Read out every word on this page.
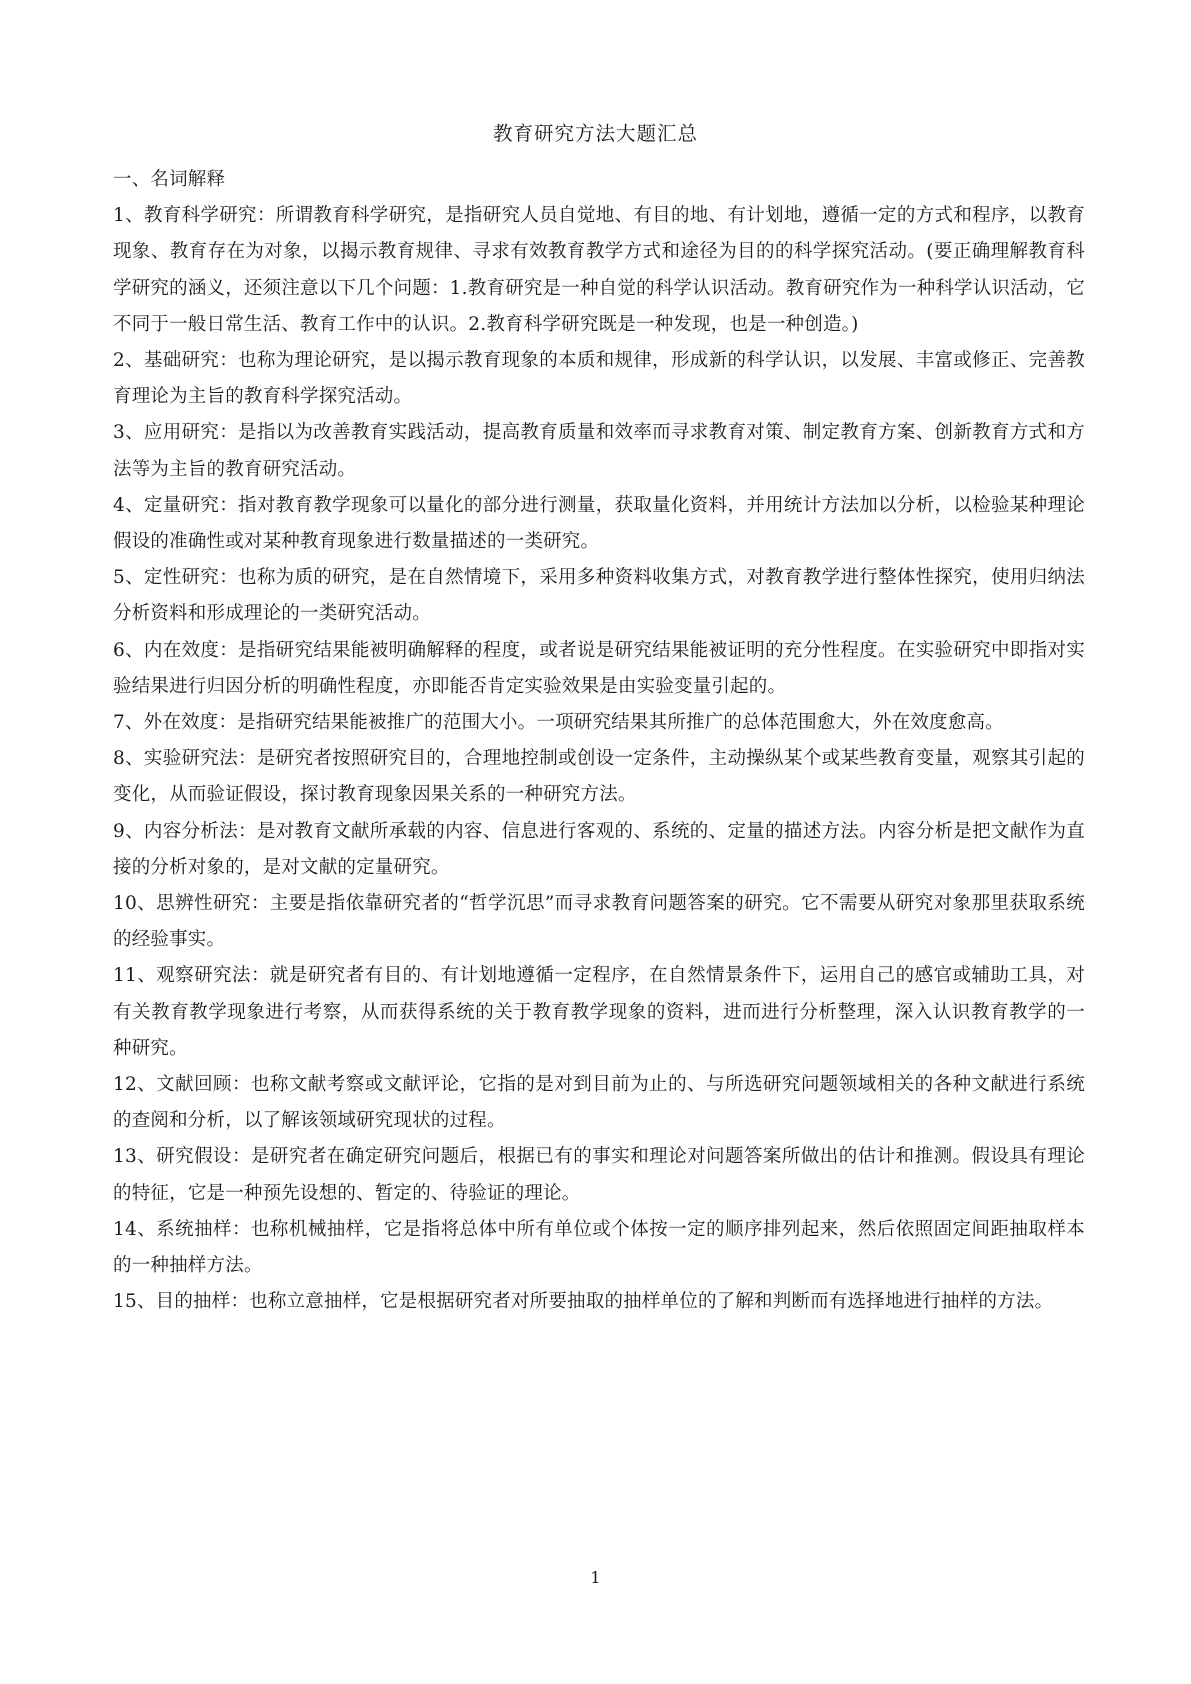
教育研究方法大题汇总

一、名词解释

1、教育科学研究：所谓教育科学研究，是指研究人员自觉地、有目的地、有计划地，遵循一定的方式和程序，以教育现象、教育存在为对象，以揭示教育规律、寻求有效教育教学方式和途径为目的的科学探究活动。(要正确理解教育科学研究的涵义，还须注意以下几个问题：1.教育研究是一种自觉的科学认识活动。教育研究作为一种科学认识活动，它不同于一般日常生活、教育工作中的认识。2.教育科学研究既是一种发现，也是一种创造。)

2、基础研究：也称为理论研究，是以揭示教育现象的本质和规律，形成新的科学认识，以发展、丰富或修正、完善教育理论为主旨的教育科学探究活动。

3、应用研究：是指以为改善教育实践活动，提高教育质量和效率而寻求教育对策、制定教育方案、创新教育方式和方法等为主旨的教育研究活动。

4、定量研究：指对教育教学现象可以量化的部分进行测量，获取量化资料，并用统计方法加以分析，以检验某种理论假设的准确性或对某种教育现象进行数量描述的一类研究。

5、定性研究：也称为质的研究，是在自然情境下，采用多种资料收集方式，对教育教学进行整体性探究，使用归纳法分析资料和形成理论的一类研究活动。

6、内在效度：是指研究结果能被明确解释的程度，或者说是研究结果能被证明的充分性程度。在实验研究中即指对实验结果进行归因分析的明确性程度，亦即能否肯定实验效果是由实验变量引起的。

7、外在效度：是指研究结果能被推广的范围大小。一项研究结果其所推广的总体范围愈大，外在效度愈高。

8、实验研究法：是研究者按照研究目的，合理地控制或创设一定条件，主动操纵某个或某些教育变量，观察其引起的变化，从而验证假设，探讨教育现象因果关系的一种研究方法。

9、内容分析法：是对教育文献所承载的内容、信息进行客观的、系统的、定量的描述方法。内容分析是把文献作为直接的分析对象的，是对文献的定量研究。

10、思辨性研究：主要是指依靠研究者的“哲学沉思”而寻求教育问题答案的研究。它不需要从研究对象那里获取系统的经验事实。

11、观察研究法：就是研究者有目的、有计划地遵循一定程序，在自然情景条件下，运用自己的感官或辅助工具，对有关教育教学现象进行考察，从而获得系统的关于教育教学现象的资料，进而进行分析整理，深入认识教育教学的一种研究。

12、文献回顾：也称文献考察或文献评论，它指的是对到目前为止的、与所选研究问题领域相关的各种文献进行系统的查阅和分析，以了解该领域研究现状的过程。

13、研究假设：是研究者在确定研究问题后，根据已有的事实和理论对问题答案所做出的估计和推测。假设具有理论的特征，它是一种预先设想的、暂定的、待验证的理论。

14、系统抽样：也称机械抽样，它是指将总体中所有单位或个体按一定的顺序排列起来，然后依照固定间距抽取样本的一种抽样方法。

15、目的抽样：也称立意抽样，它是根据研究者对所要抽取的抽样单位的了解和判断而有选择地进行抽样的方法。

1
